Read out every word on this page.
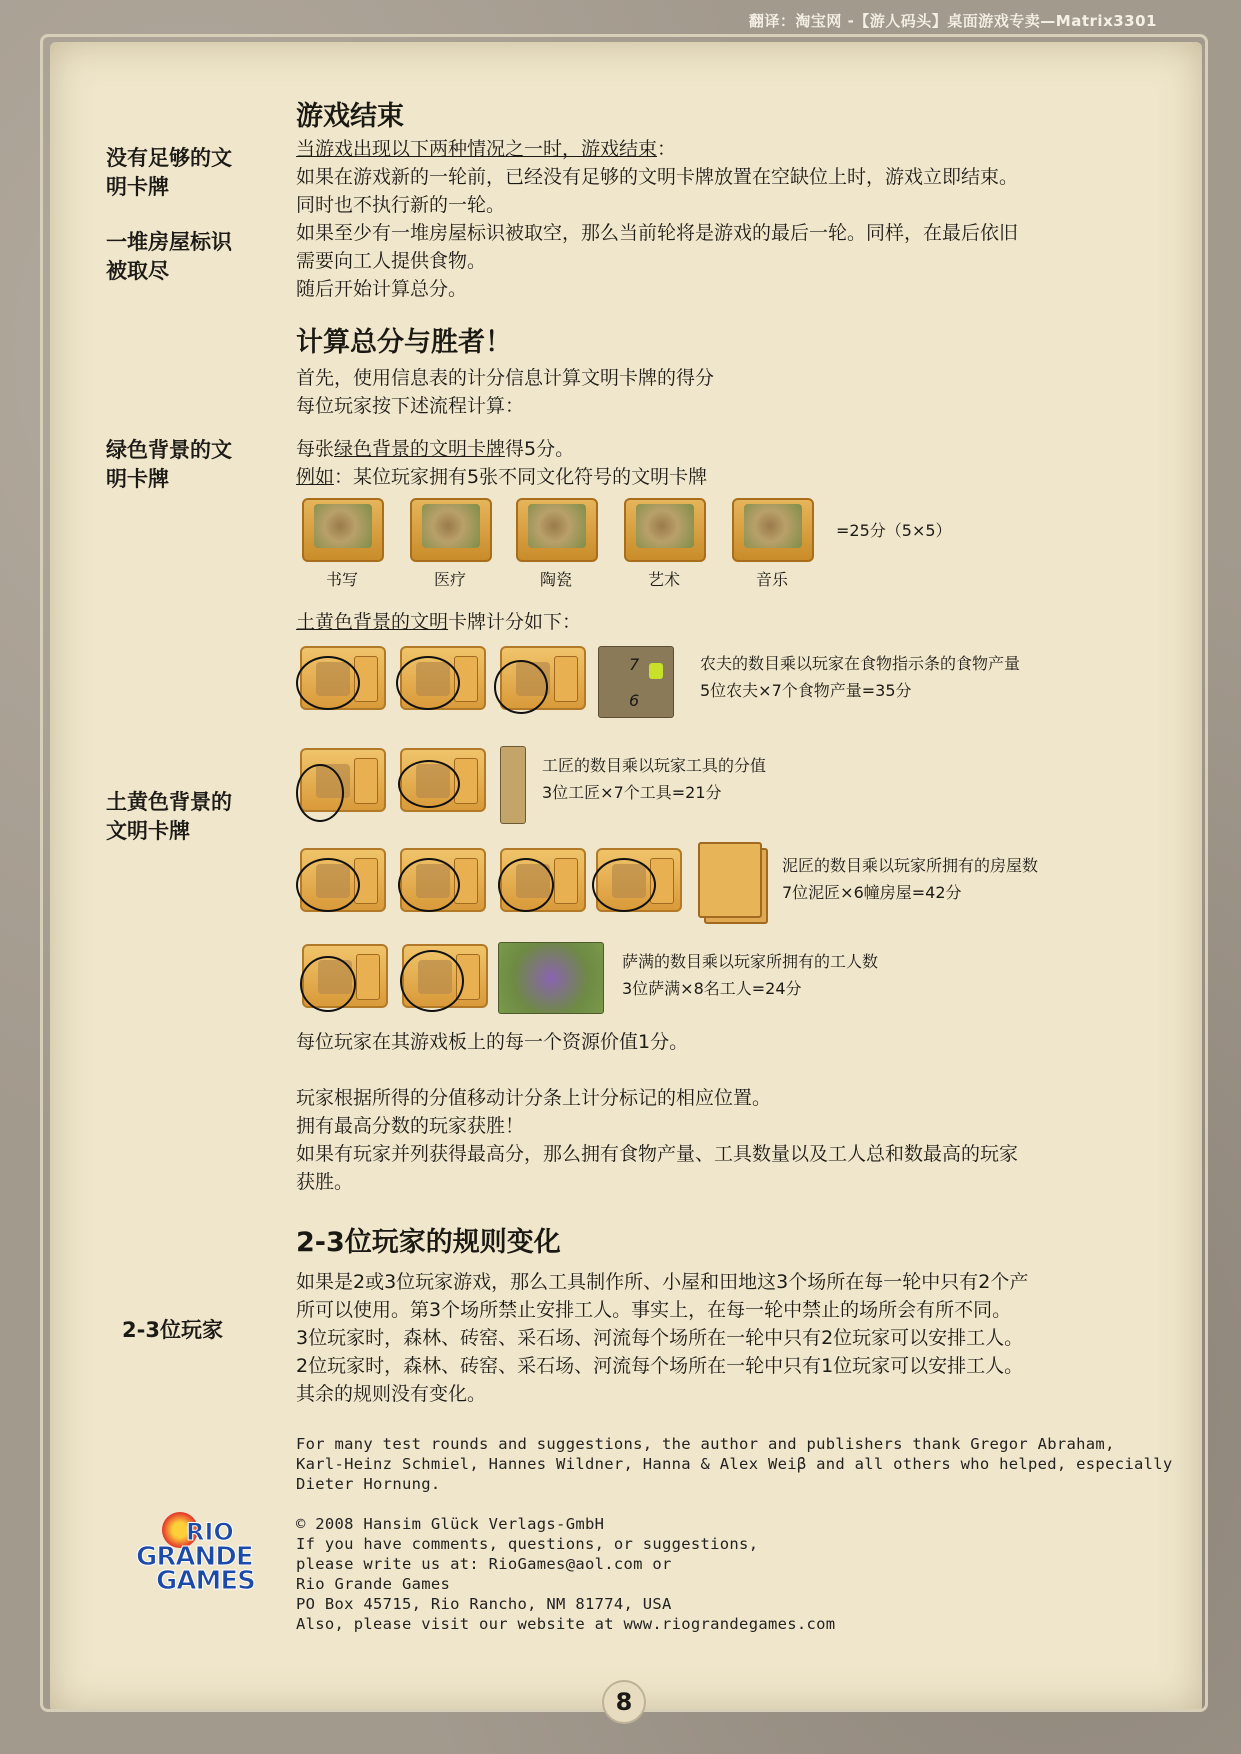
翻译：淘宝网 -【游人码头】桌面游戏专卖—Matrix3301
游戏结束
没有足够的文
明卡牌
一堆房屋标识
被取尽
当游戏出现以下两种情况之一时，游戏结束：
如果在游戏新的一轮前，已经没有足够的文明卡牌放置在空缺位上时，游戏立即结束。
同时也不执行新的一轮。
如果至少有一堆房屋标识被取空，那么当前轮将是游戏的最后一轮。同样，在最后依旧
需要向工人提供食物。
随后开始计算总分。
计算总分与胜者！
首先，使用信息表的计分信息计算文明卡牌的得分
每位玩家按下述流程计算：
绿色背景的文
明卡牌
每张绿色背景的文明卡牌得5分。
例如：某位玩家拥有5张不同文化符号的文明卡牌
书写	医疗	陶瓷	艺术	音乐
=25分（5×5）
土黄色背景的文明卡牌计分如下：
土黄色背景的
文明卡牌
7
6
农夫的数目乘以玩家在食物指示条的食物产量
5位农夫×7个食物产量=35分
工匠的数目乘以玩家工具的分值
3位工匠×7个工具=21分
泥匠的数目乘以玩家所拥有的房屋数
7位泥匠×6幢房屋=42分
萨满的数目乘以玩家所拥有的工人数
3位萨满×8名工人=24分
每位玩家在其游戏板上的每一个资源价值1分。
玩家根据所得的分值移动计分条上计分标记的相应位置。
拥有最高分数的玩家获胜！
如果有玩家并列获得最高分，那么拥有食物产量、工具数量以及工人总和数最高的玩家
获胜。
2-3位玩家的规则变化
2-3位玩家
如果是2或3位玩家游戏，那么工具制作所、小屋和田地这3个场所在每一轮中只有2个产
所可以使用。第3个场所禁止安排工人。事实上，在每一轮中禁止的场所会有所不同。
3位玩家时，森林、砖窑、采石场、河流每个场所在一轮中只有2位玩家可以安排工人。
2位玩家时，森林、砖窑、采石场、河流每个场所在一轮中只有1位玩家可以安排工人。
其余的规则没有变化。
For many test rounds and suggestions, the author and publishers thank Gregor Abraham,
Karl-Heinz Schmiel, Hannes Wildner, Hanna & Alex Weiβ and all others who helped, especially
Dieter Hornung.
© 2008 Hansim Glück Verlags-GmbH
If you have comments, questions, or suggestions,
please write us at: RioGames@aol.com or
Rio Grande Games
PO Box 45715, Rio Rancho, NM 81774, USA
Also, please visit our website at www.riograndegames.com
RIO
GRANDE
GAMES
8
